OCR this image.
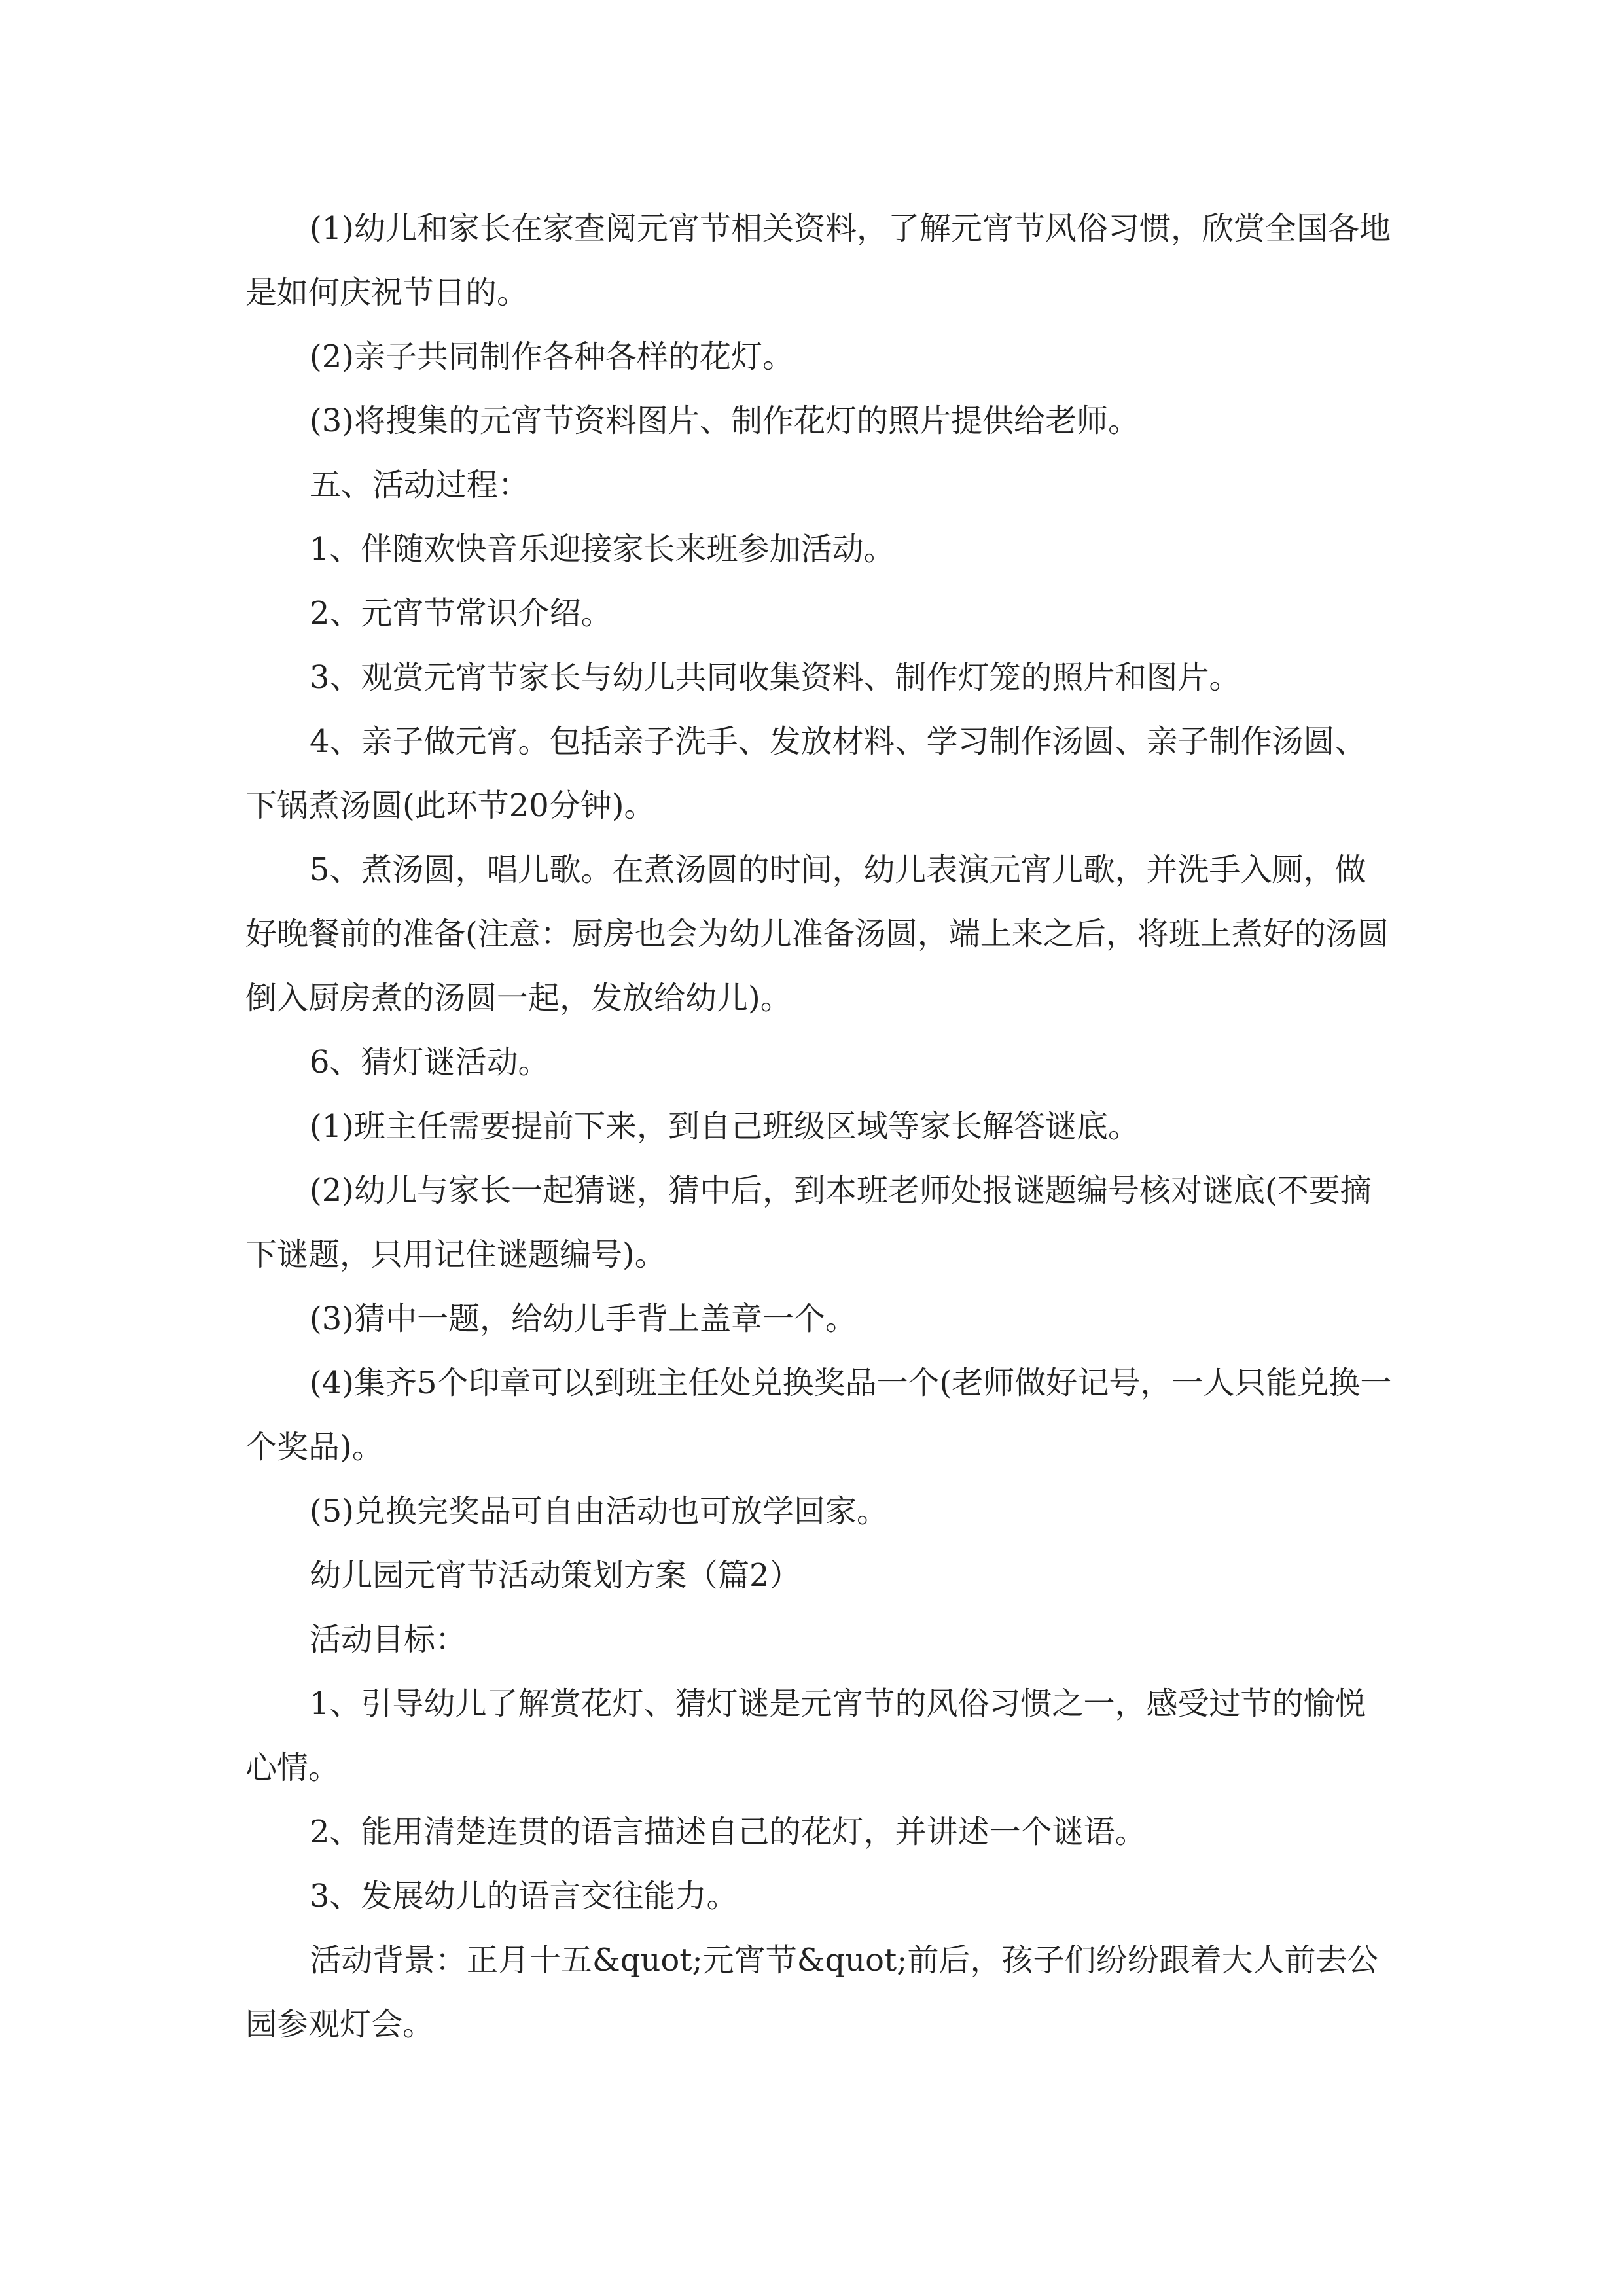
(1)幼儿和家长在家查阅元宵节相关资料，了解元宵节风俗习惯，欣赏全国各地是如何庆祝节日的。

(2)亲子共同制作各种各样的花灯。

(3)将搜集的元宵节资料图片、制作花灯的照片提供给老师。

五、活动过程：

1、伴随欢快音乐迎接家长来班参加活动。

2、元宵节常识介绍。

3、观赏元宵节家长与幼儿共同收集资料、制作灯笼的照片和图片。

4、亲子做元宵。包括亲子洗手、发放材料、学习制作汤圆、亲子制作汤圆、下锅煮汤圆(此环节20分钟)。

5、煮汤圆，唱儿歌。在煮汤圆的时间，幼儿表演元宵儿歌，并洗手入厕，做好晚餐前的准备(注意：厨房也会为幼儿准备汤圆，端上来之后，将班上煮好的汤圆倒入厨房煮的汤圆一起，发放给幼儿)。

6、猜灯谜活动。

(1)班主任需要提前下来，到自己班级区域等家长解答谜底。

(2)幼儿与家长一起猜谜，猜中后，到本班老师处报谜题编号核对谜底(不要摘下谜题，只用记住谜题编号)。

(3)猜中一题，给幼儿手背上盖章一个。

(4)集齐5个印章可以到班主任处兑换奖品一个(老师做好记号，一人只能兑换一个奖品)。

(5)兑换完奖品可自由活动也可放学回家。

幼儿园元宵节活动策划方案（篇2）

活动目标：

1、引导幼儿了解赏花灯、猜灯谜是元宵节的风俗习惯之一，感受过节的愉悦心情。

2、能用清楚连贯的语言描述自己的花灯，并讲述一个谜语。

3、发展幼儿的语言交往能力。

活动背景：正月十五&quot;元宵节&quot;前后，孩子们纷纷跟着大人前去公园参观灯会。
